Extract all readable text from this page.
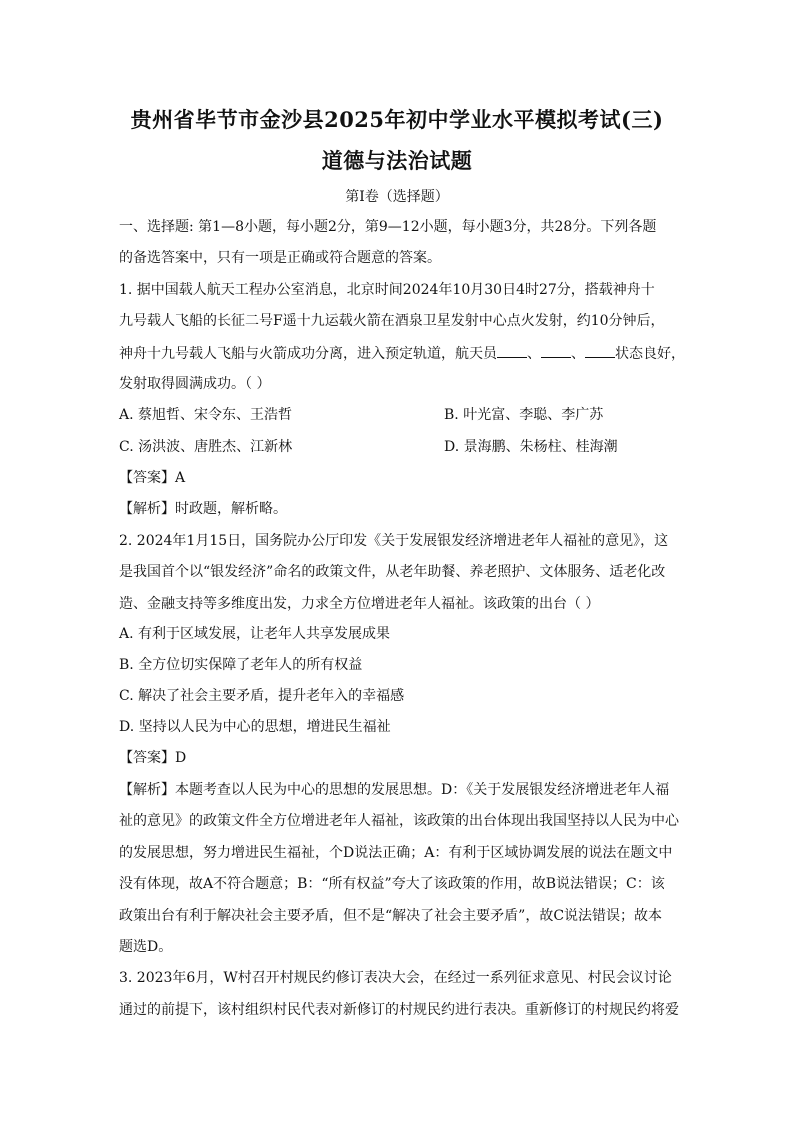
贵州省毕节市金沙县2025年初中学业水平模拟考试(三)
道德与法治试题
第Ⅰ卷（选择题）
一、选择题: 第1—8小题，每小题2分，第9—12小题，每小题3分，共28分。下列各题
的备选答案中，只有一项是正确或符合题意的答案。
1. 据中国载人航天工程办公室消息，北京时间2024年10月30日4时27分，搭载神舟十
九号载人飞船的长征二号F遥十九运载火箭在酒泉卫星发射中心点火发射，约10分钟后，
神舟十九号载人飞船与火箭成功分离，进入预定轨道，航天员 、 、 状态良好，
发射取得圆满成功。（ ）
A. 蔡旭哲、宋令东、王浩哲	B. 叶光富、李聪、李广苏
C. 汤洪波、唐胜杰、江新林	D. 景海鹏、朱杨柱、桂海潮
【答案】A
【解析】时政题，解析略。
2. 2024年1月15日，国务院办公厅印发《关于发展银发经济增进老年人福祉的意见》，这
是我国首个以“银发经济”命名的政策文件，从老年助餐、养老照护、文体服务、适老化改
造、金融支持等多维度出发，力求全方位增进老年人福祉。该政策的出台（ ）
A. 有利于区域发展，让老年人共享发展成果
B. 全方位切实保障了老年人的所有权益
C. 解决了社会主要矛盾，提升老年入的幸福感
D. 坚持以人民为中心的思想，增进民生福祉
【答案】D
【解析】本题考查以人民为中心的思想的发展思想。D：《关于发展银发经济增进老年人福
祉的意见》的政策文件全方位增进老年人福祉，该政策的出台体现出我国坚持以人民为中心
的发展思想，努力增进民生福祉，个D说法正确；A：有利于区域协调发展的说法在题文中
没有体现，故A不符合题意；B：“所有权益”夸大了该政策的作用，故B说法错误；C：该
政策出台有利于解决社会主要矛盾，但不是“解决了社会主要矛盾”，故C说法错误；故本
题选D。
3. 2023年6月，W村召开村规民约修订表决大会，在经过一系列征求意见、村民会议讨论
通过的前提下，该村组织村民代表对新修订的村规民约进行表决。重新修订的村规民约将爱
